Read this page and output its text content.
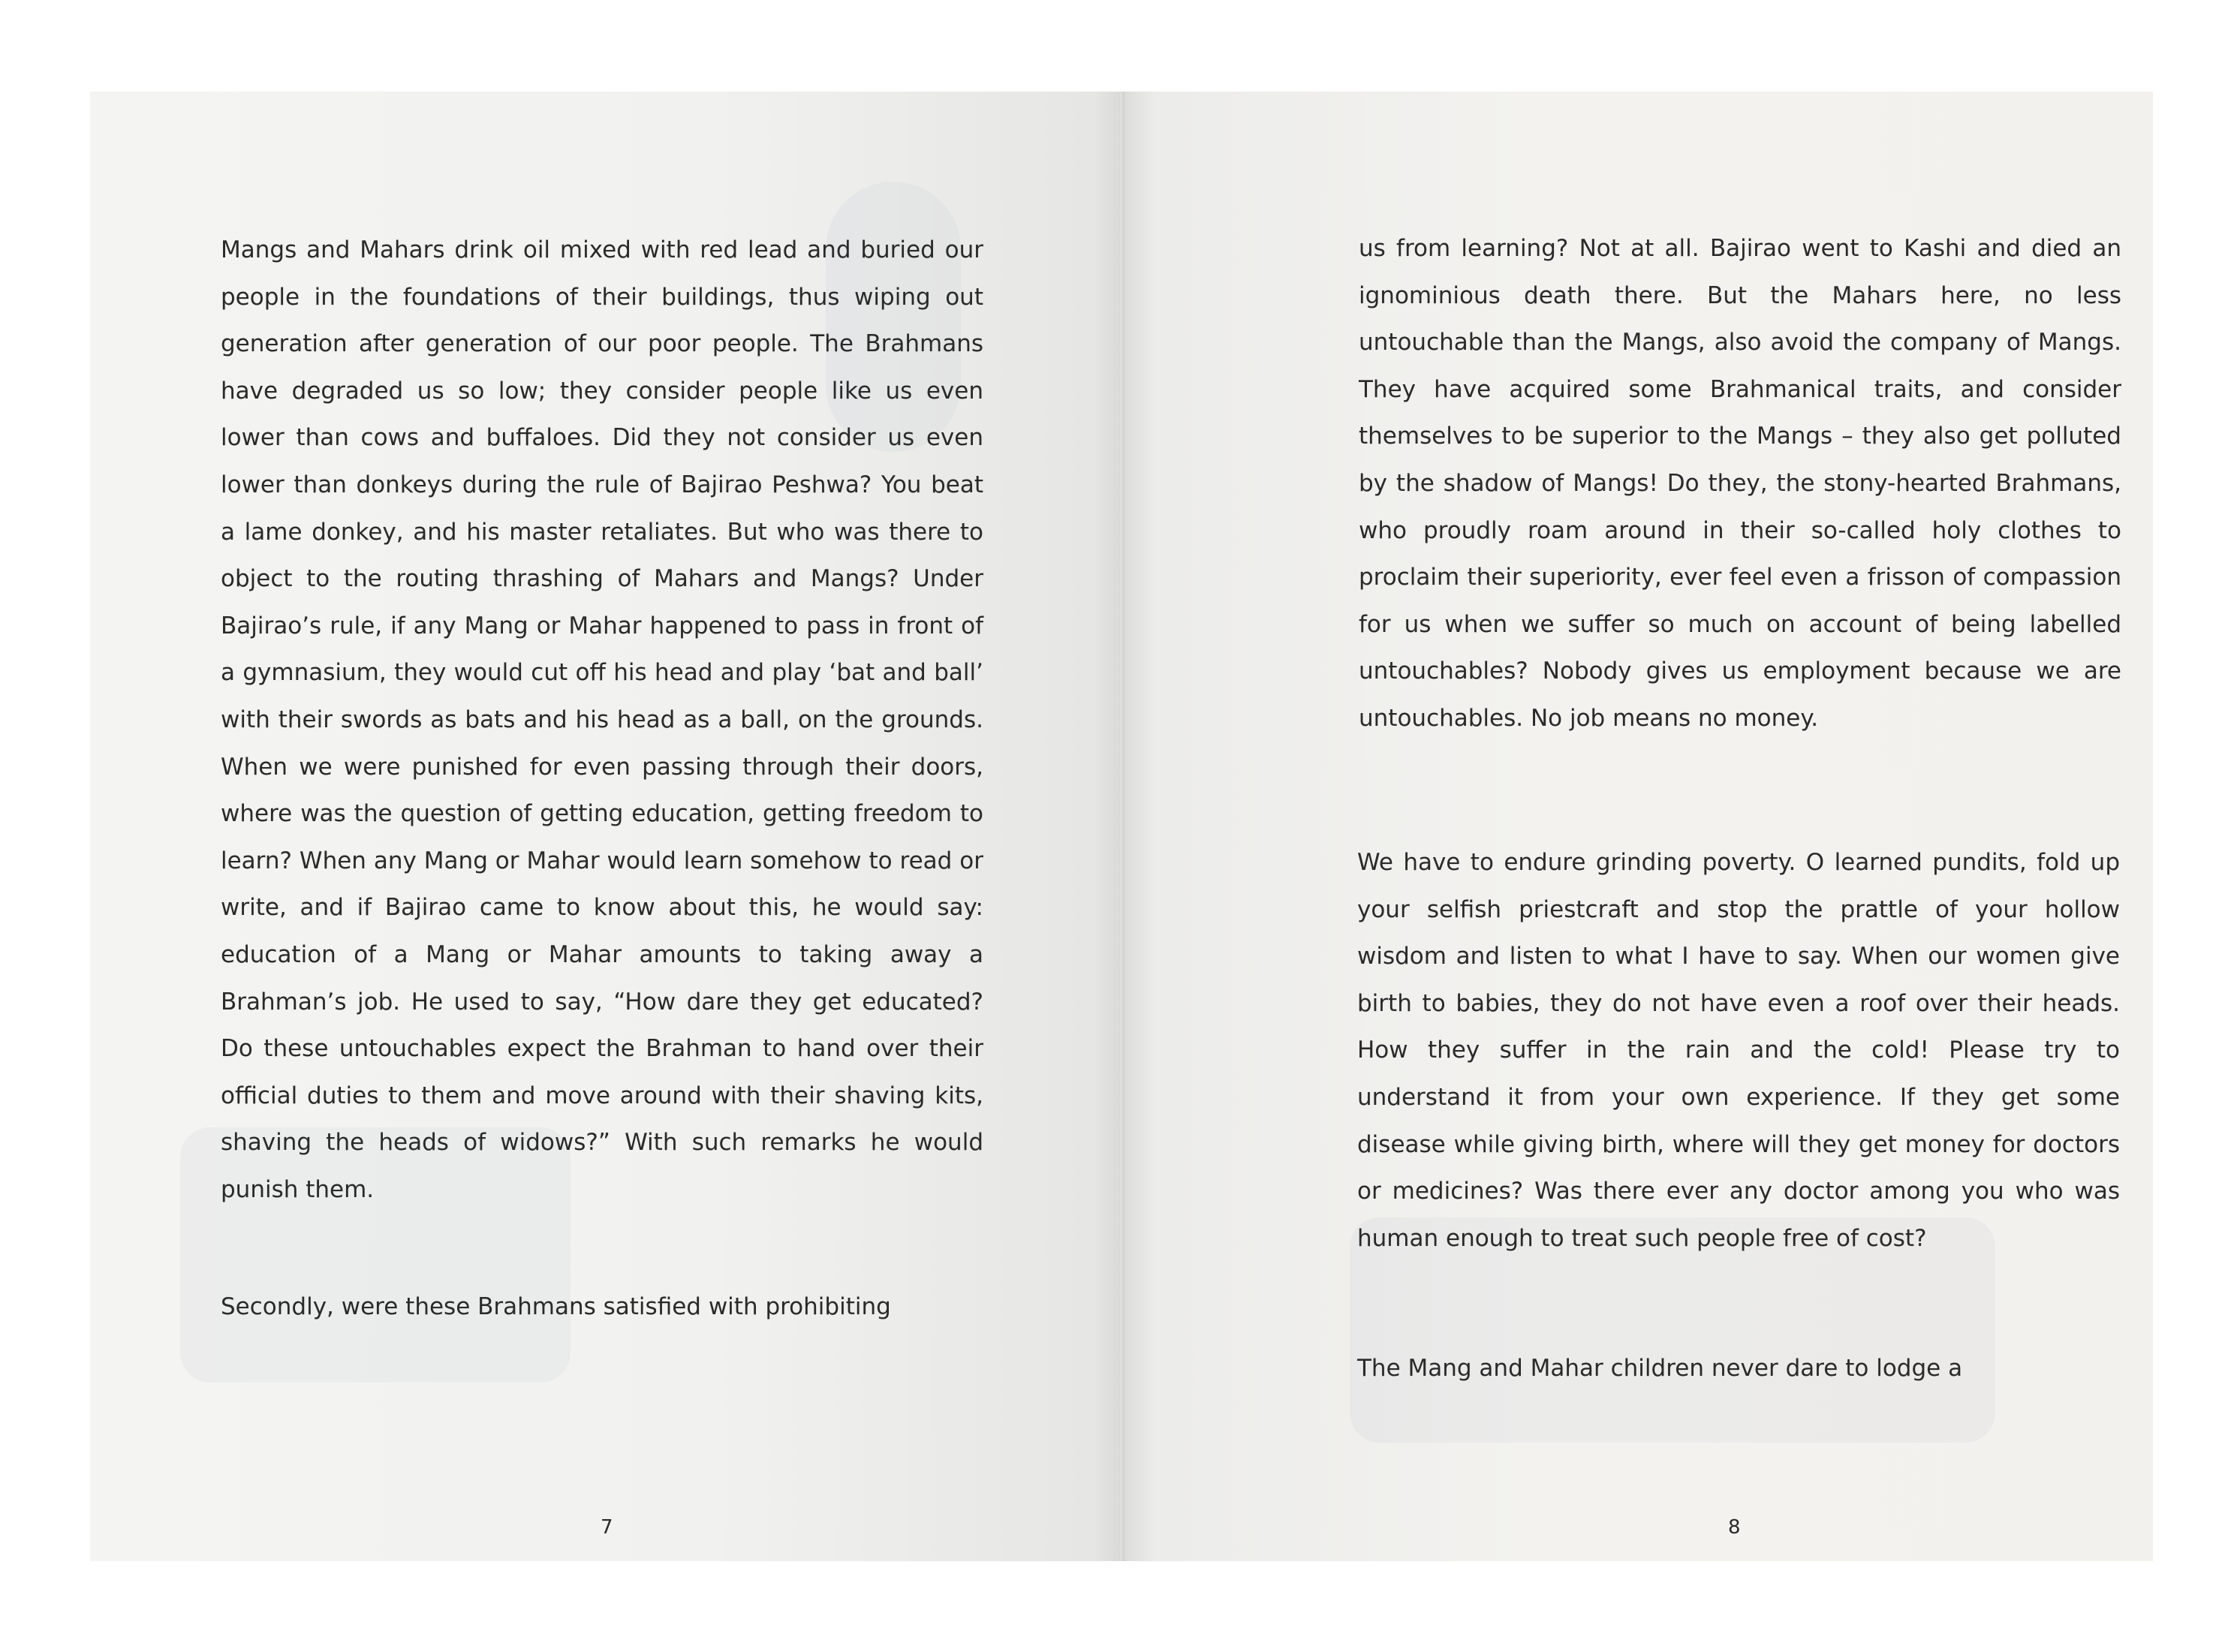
Mangs and Mahars drink oil mixed with red lead and buried our people in the foundations of their buildings, thus wiping out generation after generation of our poor people. The Brahmans have degraded us so low; they consider people like us even lower than cows and buffaloes. Did they not consider us even lower than donkeys during the rule of Bajirao Peshwa? You beat a lame donkey, and his master retaliates. But who was there to object to the routing thrashing of Mahars and Mangs? Under Bajirao’s rule, if any Mang or Mahar happened to pass in front of a gymnasium, they would cut off his head and play ‘bat and ball’ with their swords as bats and his head as a ball, on the grounds. When we were punished for even passing through their doors, where was the question of getting education, getting freedom to learn? When any Mang or Mahar would learn somehow to read or write, and if Bajirao came to know about this, he would say: education of a Mang or Mahar amounts to taking away a Brahman’s job. He used to say, “How dare they get educated? Do these untouchables expect the Brahman to hand over their official duties to them and move around with their shaving kits, shaving the heads of widows?” With such remarks he would punish them.

Secondly, were these Brahmans satisfied with prohibiting

7

us from learning? Not at all. Bajirao went to Kashi and died an ignominious death there. But the Mahars here, no less untouchable than the Mangs, also avoid the company of Mangs. They have acquired some Brahmanical traits, and consider themselves to be superior to the Mangs – they also get polluted by the shadow of Mangs! Do they, the stony-hearted Brahmans, who proudly roam around in their so-called holy clothes to proclaim their superiority, ever feel even a frisson of compassion for us when we suffer so much on account of being labelled untouchables? Nobody gives us employment because we are untouchables. No job means no money.

We have to endure grinding poverty. O learned pundits, fold up your selfish priestcraft and stop the prattle of your hollow wisdom and listen to what I have to say. When our women give birth to babies, they do not have even a roof over their heads. How they suffer in the rain and the cold! Please try to understand it from your own experience. If they get some disease while giving birth, where will they get money for doctors or medicines? Was there ever any doctor among you who was human enough to treat such people free of cost?

The Mang and Mahar children never dare to lodge a

8
